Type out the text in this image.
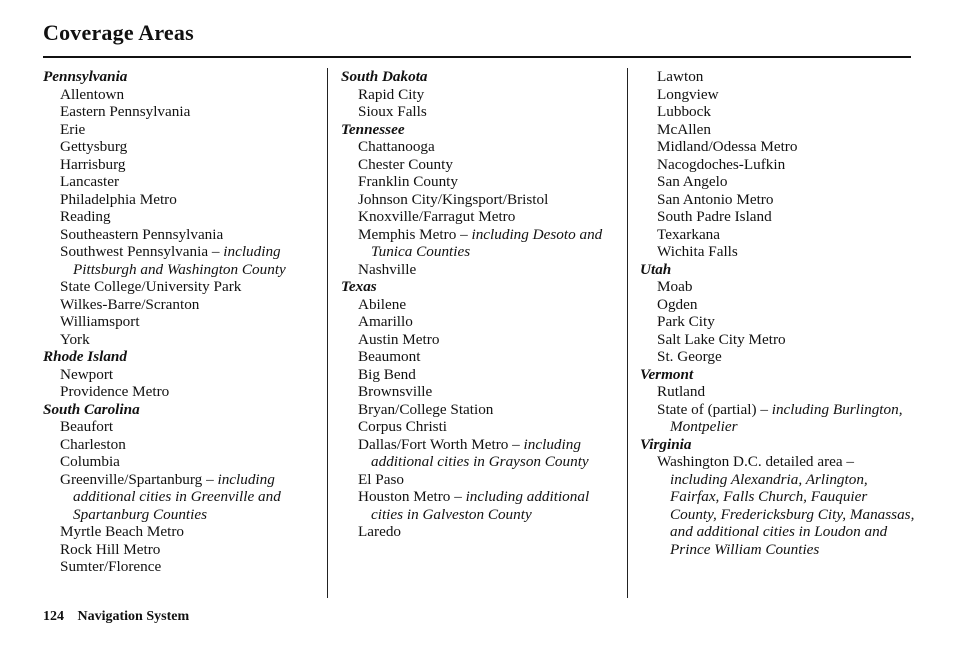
Coverage Areas
Pennsylvania
Allentown
Eastern Pennsylvania
Erie
Gettysburg
Harrisburg
Lancaster
Philadelphia Metro
Reading
Southeastern Pennsylvania
Southwest Pennsylvania – including Pittsburgh and Washington County
State College/University Park
Wilkes-Barre/Scranton
Williamsport
York
Rhode Island
Newport
Providence Metro
South Carolina
Beaufort
Charleston
Columbia
Greenville/Spartanburg – including additional cities in Greenville and Spartanburg Counties
Myrtle Beach Metro
Rock Hill Metro
Sumter/Florence
South Dakota
Rapid City
Sioux Falls
Tennessee
Chattanooga
Chester County
Franklin County
Johnson City/Kingsport/Bristol
Knoxville/Farragut Metro
Memphis Metro – including Desoto and Tunica Counties
Nashville
Texas
Abilene
Amarillo
Austin Metro
Beaumont
Big Bend
Brownsville
Bryan/College Station
Corpus Christi
Dallas/Fort Worth Metro – including additional cities in Grayson County
El Paso
Houston Metro – including additional cities in Galveston County
Laredo
Lawton
Longview
Lubbock
McAllen
Midland/Odessa Metro
Nacogdoches-Lufkin
San Angelo
San Antonio Metro
South Padre Island
Texarkana
Wichita Falls
Utah
Moab
Ogden
Park City
Salt Lake City Metro
St. George
Vermont
Rutland
State of (partial) – including Burlington, Montpelier
Virginia
Washington D.C. detailed area – including Alexandria, Arlington, Fairfax, Falls Church, Fauquier County, Fredericksburg City, Manassas, and additional cities in Loudon and Prince William Counties
124 Navigation System
